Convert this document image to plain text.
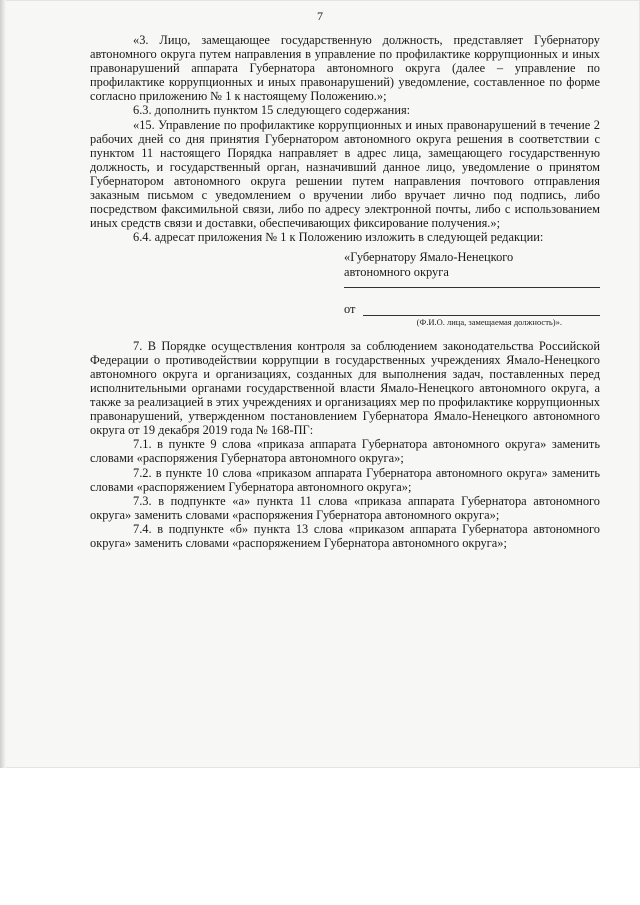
7

«3. Лицо, замещающее государственную должность, представляет Губернатору автономного округа путем направления в управление по профилактике коррупционных и иных правонарушений аппарата Губернатора автономного округа (далее – управление по профилактике коррупционных и иных правонарушений) уведомление, составленное по форме согласно приложению № 1 к настоящему Положению.»;

6.3. дополнить пунктом 15 следующего содержания:

«15. Управление по профилактике коррупционных и иных правонарушений в течение 2 рабочих дней со дня принятия Губернатором автономного округа решения в соответствии с пунктом 11 настоящего Порядка направляет в адрес лица, замещающего государственную должность, и государственный орган, назначивший данное лицо, уведомление о принятом Губернатором автономного округа решении путем направления почтового отправления заказным письмом с уведомлением о вручении либо вручает лично под подпись, либо посредством факсимильной связи, либо по адресу электронной почты, либо с использованием иных средств связи и доставки, обеспечивающих фиксирование получения.»;

6.4. адресат приложения № 1 к Положению изложить в следующей редакции:

«Губернатору Ямало-Ненецкого

автономного округа

от
(Ф.И.О. лица, замещаемая должность)».

7. В Порядке осуществления контроля за соблюдением законодательства Российской Федерации о противодействии коррупции в государственных учреждениях Ямало-Ненецкого автономного округа и организациях, созданных для выполнения задач, поставленных перед исполнительными органами государственной власти Ямало-Ненецкого автономного округа, а также за реализацией в этих учреждениях и организациях мер по профилактике коррупционных правонарушений, утвержденном постановлением Губернатора Ямало-Ненецкого автономного округа от 19 декабря 2019 года № 168-ПГ:

7.1. в пункте 9 слова «приказа аппарата Губернатора автономного округа» заменить словами «распоряжения Губернатора автономного округа»;

7.2. в пункте 10 слова «приказом аппарата Губернатора автономного округа» заменить словами «распоряжением Губернатора автономного округа»;

7.3. в подпункте «а» пункта 11 слова «приказа аппарата Губернатора автономного округа» заменить словами «распоряжения Губернатора автономного округа»;

7.4. в подпункте «б» пункта 13 слова «приказом аппарата Губернатора автономного округа» заменить словами «распоряжением Губернатора автономного округа»;
